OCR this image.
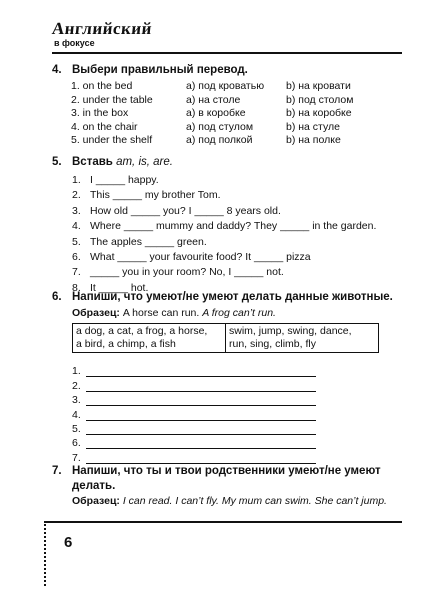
Английский
в фокусе
4. Выбери правильный перевод.
1. on the bed	a) под кроватью	b) на кровати
2. under the table	a) на столе	b) под столом
3. in the box	a) в коробке	b) на коробке
4. on the chair	a) под стулом	b) на стуле
5. under the shelf	a) под полкой	b) на полке
5. Вставь am, is, are.
1. I _____ happy.
2. This _____ my brother Tom.
3. How old _____ you? I _____ 8 years old.
4. Where _____ mummy and daddy? They _____ in the garden.
5. The apples _____ green.
6. What _____ your favourite food? It _____ pizza
7. _____ you in your room? No, I _____ not.
8. It _____ hot.
6. Напиши, что умеют/не умеют делать данные животные.
Образец: A horse can run. A frog can’t run.
a dog, a cat, a frog, a horse,
a bird, a chimp, a fish

swim, jump, swing, dance,
run, sing, climb, fly
1.
2.
3.
4.
5.
6.
7.
7. Напиши, что ты и твои родственники умеют/не умеют делать.
Образец: I can read. I can’t fly. My mum can swim. She can’t jump.
6
